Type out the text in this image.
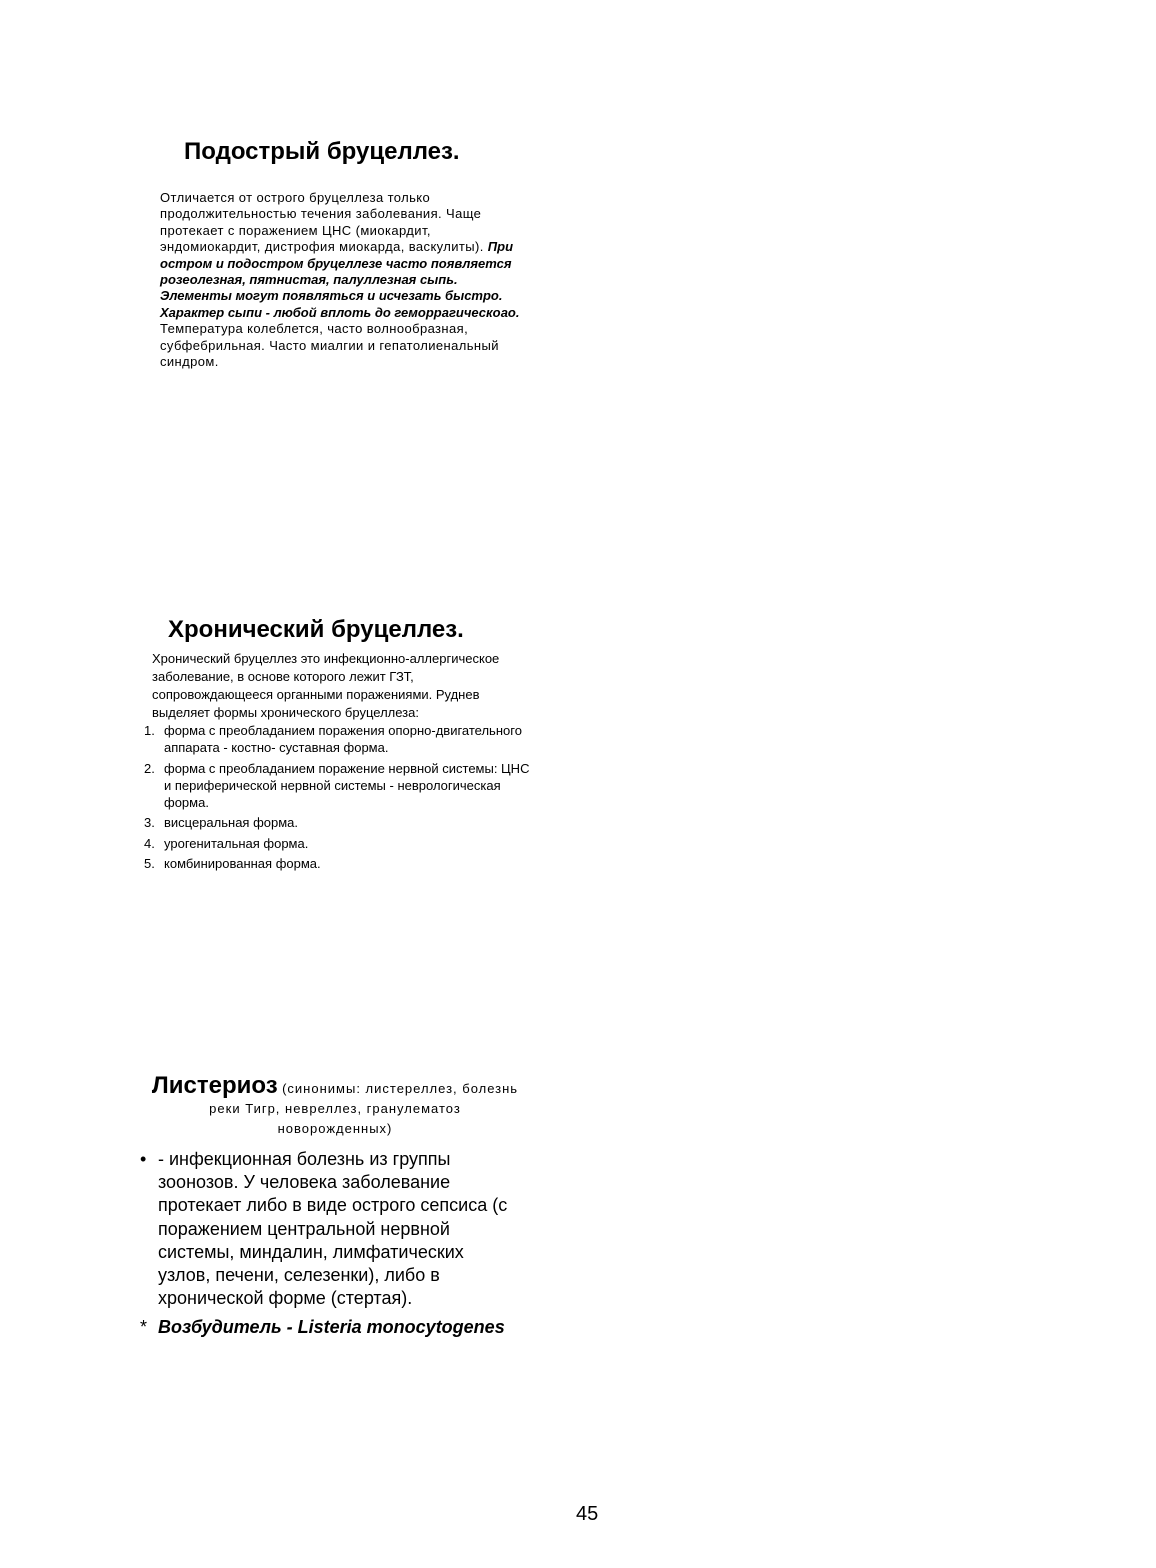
Подострый бруцеллез.
Отличается от острого бруцеллеза только продолжительностью течения заболевания. Чаще протекает с поражением ЦНС (миокардит, эндомиокардит, дистрофия миокарда, васкулиты). При остром и подостром бруцеллезе часто появляется розеолезная, пятнистая, палуллезная сыпь. Элементы могут появляться и исчезать быстро. Характер сыпи - любой вплоть до геморрагическоао. Температура колеблется, часто волнообразная, субфебрильная. Часто миалгии и гепатолиенальный синдром.
Хронический бруцеллез.
Хронический бруцеллез это инфекционно-аллергическое заболевание, в основе которого лежит ГЗТ, сопровождающееся органными поражениями. Руднев выделяет формы хронического бруцеллеза:
1. форма с преобладанием поражения опорно-двигательного аппарата - костно- суставная форма.
2. форма с преобладанием поражение нервной системы: ЦНС и периферической нервной системы - неврологическая форма.
3. висцеральная форма.
4. урогенитальная форма.
5. комбинированная форма.
Листериоз (синонимы: листереллез, болезнь реки Тигр, невреллез, гранулематоз новорожденных)
• - инфекционная болезнь из группы зоонозов. У человека заболевание протекает либо в виде острого сепсиса (с поражением центральной нервной системы, миндалин, лимфатических узлов, печени, селезенки), либо в хронической форме (стертая).
* Возбудитель - Listeria monocytogenes
45
